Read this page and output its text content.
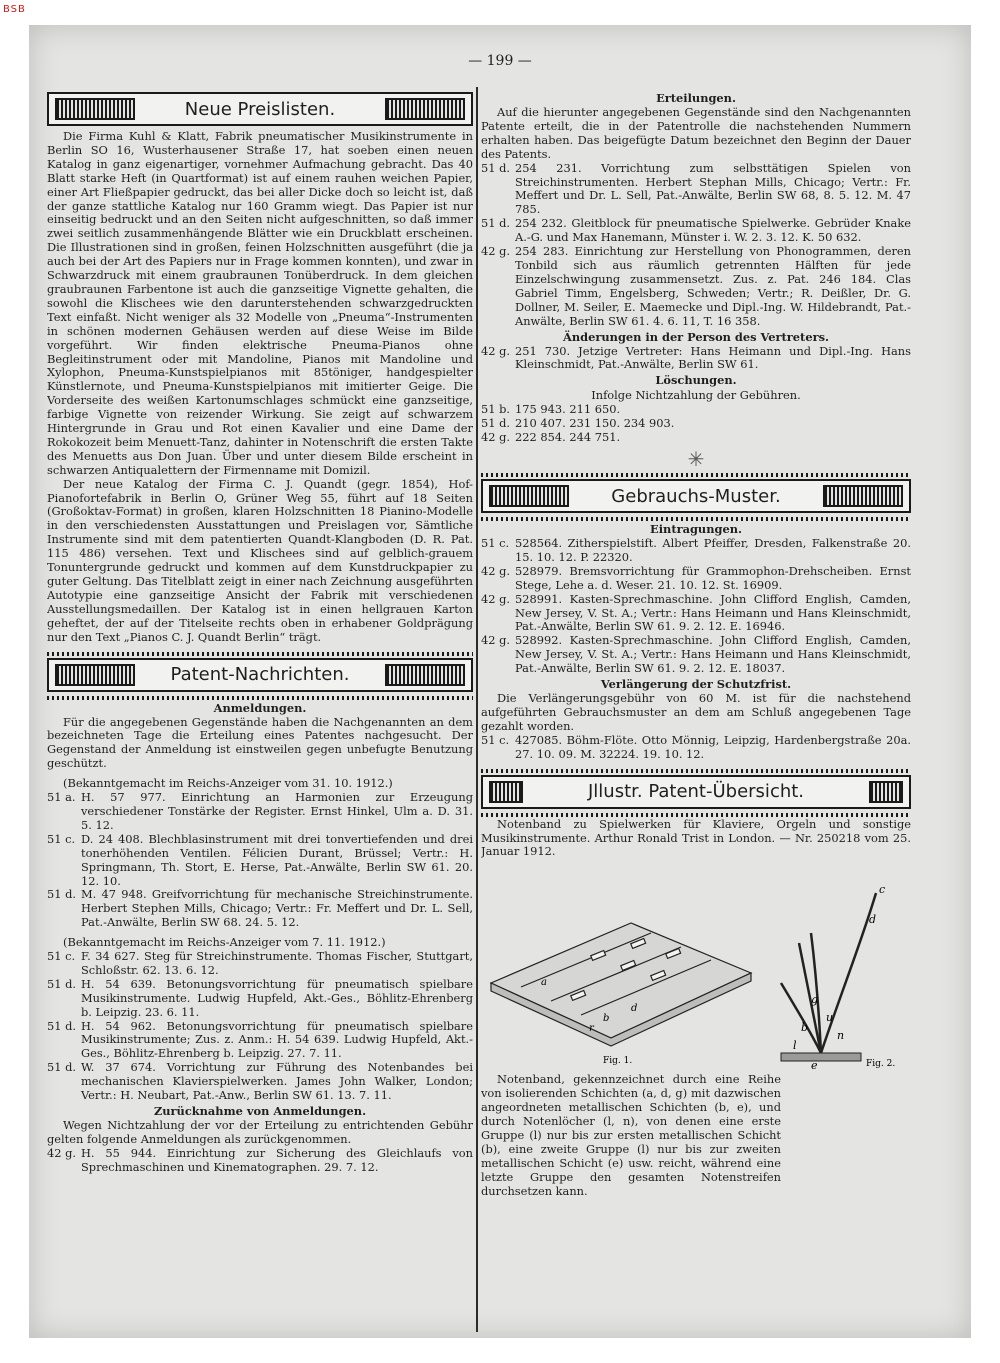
BSB
— 199 —
Neue Preislisten.

Die Firma Kuhl & Klatt, Fabrik pneumatischer Musikinstrumente in Berlin SO 16, Wusterhausener Straße 17, hat soeben einen neuen Katalog in ganz eigenartiger, vornehmer Aufmachung gebracht. Das 40 Blatt starke Heft (in Quartformat) ist auf einem rauhen weichen Papier, einer Art Fließpapier gedruckt, das bei aller Dicke doch so leicht ist, daß der ganze stattliche Katalog nur 160 Gramm wiegt. Das Papier ist nur einseitig bedruckt und an den Seiten nicht aufgeschnitten, so daß immer zwei seitlich zusammenhängende Blätter wie ein Druckblatt erscheinen. Die Illustrationen sind in großen, feinen Holzschnitten ausgeführt (die ja auch bei der Art des Papiers nur in Frage kommen konnten), und zwar in Schwarzdruck mit einem graubraunen Tonüberdruck. In dem gleichen graubraunen Farbentone ist auch die ganzseitige Vignette gehalten, die sowohl die Klischees wie den darunterstehenden schwarzgedruckten Text einfaßt. Nicht weniger als 32 Modelle von „Pneuma“-Instrumenten in schönen modernen Gehäusen werden auf diese Weise im Bilde vorgeführt. Wir finden elektrische Pneuma-Pianos ohne Begleitinstrument oder mit Mandoline, Pianos mit Mandoline und Xylophon, Pneuma-Kunstspielpianos mit 85töniger, handgespielter Künstlernote, und Pneuma-Kunstspielpianos mit imitierter Geige. Die Vorderseite des weißen Kartonumschlages schmückt eine ganzseitige, farbige Vignette von reizender Wirkung. Sie zeigt auf schwarzem Hintergrunde in Grau und Rot einen Kavalier und eine Dame der Rokokozeit beim Menuett-Tanz, dahinter in Notenschrift die ersten Takte des Menuetts aus Don Juan. Über und unter diesem Bilde erscheint in schwarzen Antiqualettern der Firmenname mit Domizil.

Der neue Katalog der Firma C. J. Quandt (gegr. 1854), Hof-Pianofortefabrik in Berlin O, Grüner Weg 55, führt auf 18 Seiten (Großoktav-Format) in großen, klaren Holzschnitten 18 Pianino-Modelle in den verschiedensten Ausstattungen und Preislagen vor, Sämtliche Instrumente sind mit dem patentierten Quandt-Klangboden (D. R. Pat. 115 486) versehen. Text und Klischees sind auf gelblich-grauem Tonuntergrunde gedruckt und kommen auf dem Kunstdruckpapier zu guter Geltung. Das Titelblatt zeigt in einer nach Zeichnung ausgeführten Autotypie eine ganzseitige Ansicht der Fabrik mit verschiedenen Ausstellungsmedaillen. Der Katalog ist in einen hellgrauen Karton geheftet, der auf der Titelseite rechts oben in erhabener Goldprägung nur den Text „Pianos C. J. Quandt Berlin“ trägt.

Patent-Nachrichten.
Anmeldungen.

Für die angegebenen Gegenstände haben die Nachgenannten an dem bezeichneten Tage die Erteilung eines Patentes nachgesucht. Der Gegenstand der Anmeldung ist einstweilen gegen unbefugte Benutzung geschützt.

(Bekanntgemacht im Reichs-Anzeiger vom 31. 10. 1912.)

51 a. H. 57 977. Einrichtung an Harmonien zur Erzeugung verschiedener Tonstärke der Register. Ernst Hinkel, Ulm a. D. 31. 5. 12.
51 c. D. 24 408. Blechblasinstrument mit drei tonvertiefenden und drei tonerhöhenden Ventilen. Félicien Durant, Brüssel; Vertr.: H. Springmann, Th. Stort, E. Herse, Pat.-Anwälte, Berlin SW 61. 20. 12. 10.
51 d. M. 47 948. Greifvorrichtung für mechanische Streichinstrumente. Herbert Stephen Mills, Chicago; Vertr.: Fr. Meffert und Dr. L. Sell, Pat.-Anwälte, Berlin SW 68. 24. 5. 12.

(Bekanntgemacht im Reichs-Anzeiger vom 7. 11. 1912.)

51 c. F. 34 627. Steg für Streichinstrumente. Thomas Fischer, Stuttgart, Schloßstr. 62. 13. 6. 12.
51 d. H. 54 639. Betonungsvorrichtung für pneumatisch spielbare Musikinstrumente. Ludwig Hupfeld, Akt.-Ges., Böhlitz-Ehrenberg b. Leipzig. 23. 6. 11.
51 d. H. 54 962. Betonungsvorrichtung für pneumatisch spielbare Musikinstrumente; Zus. z. Anm.: H. 54 639. Ludwig Hupfeld, Akt.-Ges., Böhlitz-Ehrenberg b. Leipzig. 27. 7. 11.
51 d. W. 37 674. Vorrichtung zur Führung des Notenbandes bei mechanischen Klavierspielwerken. James John Walker, London; Vertr.: H. Neubart, Pat.-Anw., Berlin SW 61. 13. 7. 11.
Zurücknahme von Anmeldungen.

Wegen Nichtzahlung der vor der Erteilung zu entrichtenden Gebühr gelten folgende Anmeldungen als zurückgenommen.

42 g. H. 55 944. Einrichtung zur Sicherung des Gleichlaufs von Sprechmaschinen und Kinematographen. 29. 7. 12.
Erteilungen.

Auf die hierunter angegebenen Gegenstände sind den Nachgenannten Patente erteilt, die in der Patentrolle die nachstehenden Nummern erhalten haben. Das beigefügte Datum bezeichnet den Beginn der Dauer des Patents.

51 d. 254 231. Vorrichtung zum selbsttätigen Spielen von Streichinstrumenten. Herbert Stephan Mills, Chicago; Vertr.: Fr. Meffert und Dr. L. Sell, Pat.-Anwälte, Berlin SW 68, 8. 5. 12. M. 47 785.
51 d. 254 232. Gleitblock für pneumatische Spielwerke. Gebrüder Knake A.-G. und Max Hanemann, Münster i. W. 2. 3. 12. K. 50 632.
42 g. 254 283. Einrichtung zur Herstellung von Phonogrammen, deren Tonbild sich aus räumlich getrennten Hälften für jede Einzelschwingung zusammensetzt. Zus. z. Pat. 246 184. Clas Gabriel Timm, Engelsberg, Schweden; Vertr.; R. Deißler, Dr. G. Dollner, M. Seiler, E. Maemecke und Dipl.-Ing. W. Hildebrandt, Pat.-Anwälte, Berlin SW 61. 4. 6. 11, T. 16 358.
Änderungen in der Person des Vertreters.
42 g. 251 730. Jetzige Vertreter: Hans Heimann und Dipl.-Ing. Hans Kleinschmidt, Pat.-Anwälte, Berlin SW 61.
Löschungen.
Infolge Nichtzahlung der Gebühren.
51 b. 175 943. 211 650.
51 d. 210 407. 231 150. 234 903.
42 g. 222 854. 244 751.
✳
Gebrauchs-Muster.
Eintragungen.
51 c. 528564. Zitherspielstift. Albert Pfeiffer, Dresden, Falkenstraße 20. 15. 10. 12. P. 22320.
42 g. 528979. Bremsvorrichtung für Grammophon-Drehscheiben. Ernst Stege, Lehe a. d. Weser. 21. 10. 12. St. 16909.
42 g. 528991. Kasten-Sprechmaschine. John Clifford English, Camden, New Jersey, V. St. A.; Vertr.: Hans Heimann und Hans Kleinschmidt, Pat.-Anwälte, Berlin SW 61. 9. 2. 12. E. 16946.
42 g. 528992. Kasten-Sprechmaschine. John Clifford English, Camden, New Jersey, V. St. A.; Vertr.: Hans Heimann und Hans Kleinschmidt, Pat.-Anwälte, Berlin SW 61. 9. 2. 12. E. 18037.
Verlängerung der Schutzfrist.

Die Verlängerungsgebühr von 60 M. ist für die nachstehend aufgeführten Gebrauchsmuster an dem am Schluß angegebenen Tage gezahlt worden.

51 c. 427085. Böhm-Flöte. Otto Mönnig, Leipzig, Hardenbergstraße 20a. 27. 10. 09. M. 32224. 19. 10. 12.
Jllustr. Patent-Übersicht.

Notenband zu Spielwerken für Klaviere, Orgeln und sonstige Musikinstrumente. Arthur Ronald Trist in London. — Nr. 250218 vom 25. Januar 1912.

c
d
g
u
n
b
l
e
d
a
r
b
Fig. 1.	Fig. 2.

Notenband, gekennzeichnet durch eine Reihe von isolierenden Schichten (a, d, g) mit dazwischen angeordneten metallischen Schichten (b, e), und durch Notenlöcher (l, n), von denen eine erste Gruppe (l) nur bis zur ersten metallischen Schicht (b), eine zweite Gruppe (l) nur bis zur zweiten metallischen Schicht (e) usw. reicht, während eine letzte Gruppe den gesamten Notenstreifen durchsetzen kann.
